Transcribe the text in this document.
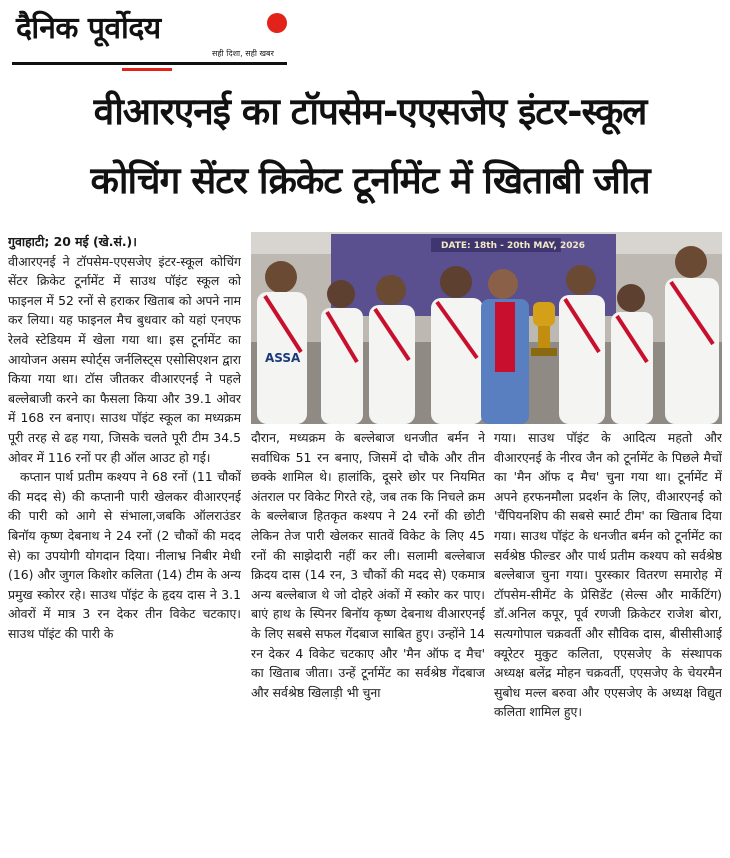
दैनिक पूर्वोदय
सही दिशा, सही खबर
वीआरएनई का टॉपसेम-एएसजेए इंटर-स्कूल
कोचिंग सेंटर क्रिकेट टूर्नामेंट में खिताबी जीत

गुवाहाटी; 20 मई (खे.सं.)।

वीआरएनई ने टॉपसेम-एएसजेए इंटर-स्कूल कोचिंग सेंटर क्रिकेट टूर्नामेंट में साउथ पॉइंट स्कूल को फाइनल में 52 रनों से हराकर खिताब को अपने नाम कर लिया। यह फाइनल मैच बुधवार को यहां एनएफ रेलवे स्टेडियम में खेला गया था। इस टूर्नामेंट का आयोजन असम स्पोर्ट्स जर्नलिस्ट्स एसोसिएशन द्वारा किया गया था। टॉस जीतकर वीआरएनई ने पहले बल्लेबाजी करने का फैसला किया और 39.1 ओवर में 168 रन बनाए। साउथ पॉइंट स्कूल का मध्यक्रम पूरी तरह से ढह गया, जिसके चलते पूरी टीम 34.5 ओवर में 116 रनों पर ही ऑल आउट हो गई।

कप्तान पार्थ प्रतीम कश्यप ने 68 रनों (11 चौकों की मदद से) की कप्तानी पारी खेलकर वीआरएनई की पारी को आगे से संभाला,जबकि ऑलराउंडर बिनॉय कृष्ण देबनाथ ने 24 रनों (2 चौकों की मदद से) का उपयोगी योगदान दिया। नीलाभ्र निबीर मेधी (16) और जुगल किशोर कलिता (14) टीम के अन्य प्रमुख स्कोरर रहे। साउथ पॉइंट के हृदय दास ने 3.1 ओवरों में मात्र 3 रन देकर तीन विकेट चटकाए। साउथ पॉइंट की पारी के

DATE: 18th - 20th MAY, 2026
ASSA

दौरान, मध्यक्रम के बल्लेबाज धनजीत बर्मन ने सर्वाधिक 51 रन बनाए, जिसमें दो चौके और तीन छक्के शामिल थे। हालांकि, दूसरे छोर पर नियमित अंतराल पर विकेट गिरते रहे, जब तक कि निचले क्रम के बल्लेबाज हितकृत कश्यप ने 24 रनों की छोटी लेकिन तेज पारी खेलकर सातवें विकेट के लिए 45 रनों की साझेदारी नहीं कर ली। सलामी बल्लेबाज क्रिदय दास (14 रन, 3 चौकों की मदद से) एकमात्र अन्य बल्लेबाज थे जो दोहरे अंकों में स्कोर कर पाए। बाएं हाथ के स्पिनर बिनॉय कृष्ण देबनाथ वीआरएनई के लिए सबसे सफल गेंदबाज साबित हुए। उन्होंने 14 रन देकर 4 विकेट चटकाए और 'मैन ऑफ द मैच' का खिताब जीता। उन्हें टूर्नामेंट का सर्वश्रेष्ठ गेंदबाज और सर्वश्रेष्ठ खिलाड़ी भी चुना

गया। साउथ पॉइंट के आदित्य महतो और वीआरएनई के नीरव जैन को टूर्नामेंट के पिछले मैचों का 'मैन ऑफ द मैच' चुना गया था। टूर्नामेंट में अपने हरफनमौला प्रदर्शन के लिए, वीआरएनई को 'चैंपियनशिप की सबसे स्मार्ट टीम' का खिताब दिया गया। साउथ पॉइंट के धनजीत बर्मन को टूर्नामेंट का सर्वश्रेष्ठ फील्डर और पार्थ प्रतीम कश्यप को सर्वश्रेष्ठ बल्लेबाज चुना गया। पुरस्कार वितरण समारोह में टॉपसेम-सीमेंट के प्रेसिडेंट (सेल्स और मार्केटिंग) डॉ.अनिल कपूर, पूर्व रणजी क्रिकेटर राजेश बोरा, सत्यगोपाल चक्रवर्ती और सौविक दास, बीसीसीआई क्यूरेटर मुकुट कलिता, एएसजेए के संस्थापक अध्यक्ष बलेंद्र मोहन चक्रवर्ती, एएसजेए के चेयरमैन सुबोध मल्ल बरुवा और एएसजेए के अध्यक्ष विद्युत कलिता शामिल हुए।
